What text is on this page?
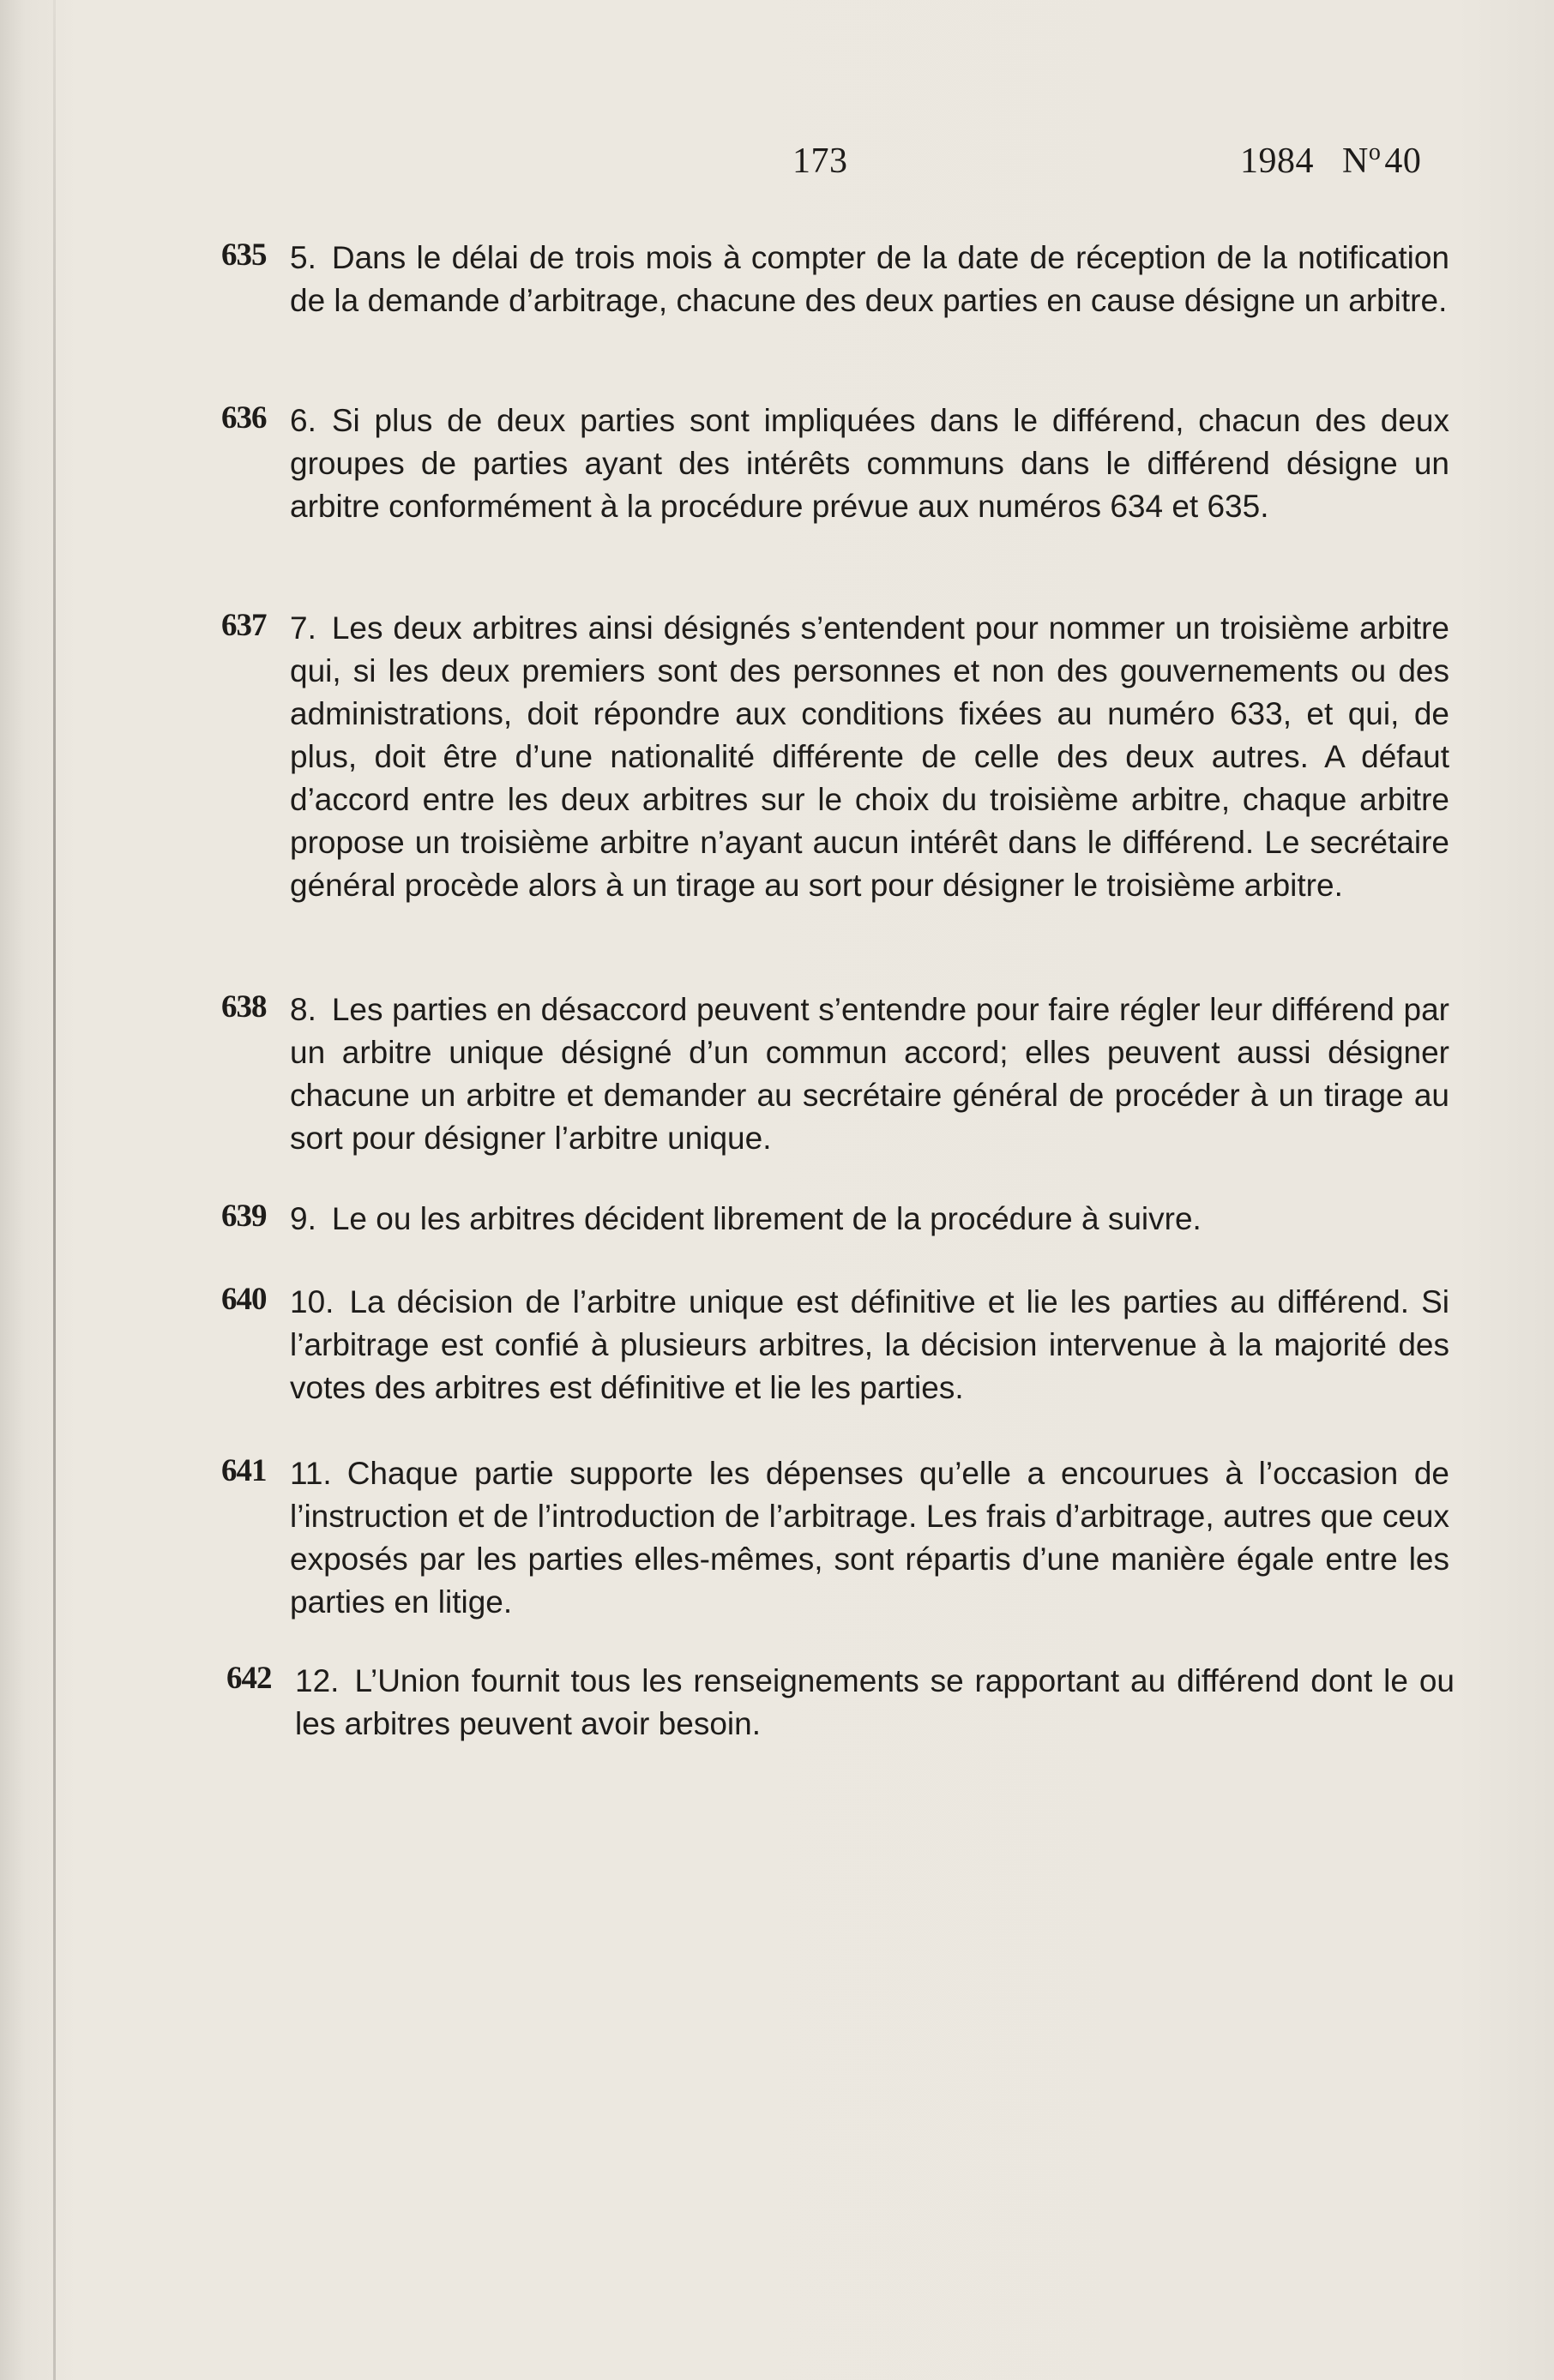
173	1984 $N^o40$
635 5. Dans le délai de trois mois à compter de la date de réception de la notification de la demande d’arbitrage, chacune des deux parties en cause désigne un arbitre.

636 6. Si plus de deux parties sont impliquées dans le différend, chacun des deux groupes de parties ayant des intérêts communs dans le différend désigne un arbitre conformément à la procédure prévue aux numéros 634 et 635.

637 7. Les deux arbitres ainsi désignés s’entendent pour nommer un troisième arbitre qui, si les deux premiers sont des personnes et non des gouvernements ou des administrations, doit répondre aux conditions fixées au numéro 633, et qui, de plus, doit être d’une nationalité différente de celle des deux autres. A défaut d’accord entre les deux arbitres sur le choix du troisième arbitre, chaque arbitre propose un troisième arbitre n’ayant aucun intérêt dans le différend. Le secrétaire général procède alors à un tirage au sort pour désigner le troisième arbitre.

638 8. Les parties en désaccord peuvent s’entendre pour faire régler leur différend par un arbitre unique désigné d’un commun accord; elles peuvent aussi désigner chacune un arbitre et demander au secrétaire général de procéder à un tirage au sort pour désigner l’arbitre unique.

639 9. Le ou les arbitres décident librement de la procédure à suivre.

640 10. La décision de l’arbitre unique est définitive et lie les parties au différend. Si l’arbitrage est confié à plusieurs arbitres, la décision intervenue à la majorité des votes des arbitres est définitive et lie les parties.

641 11. Chaque partie supporte les dépenses qu’elle a encourues à l’occasion de l’instruction et de l’introduction de l’arbitrage. Les frais d’arbitrage, autres que ceux exposés par les parties elles-mêmes, sont répartis d’une manière égale entre les parties en litige.

642 12. L’Union fournit tous les renseignements se rapportant au différend dont le ou les arbitres peuvent avoir besoin.
